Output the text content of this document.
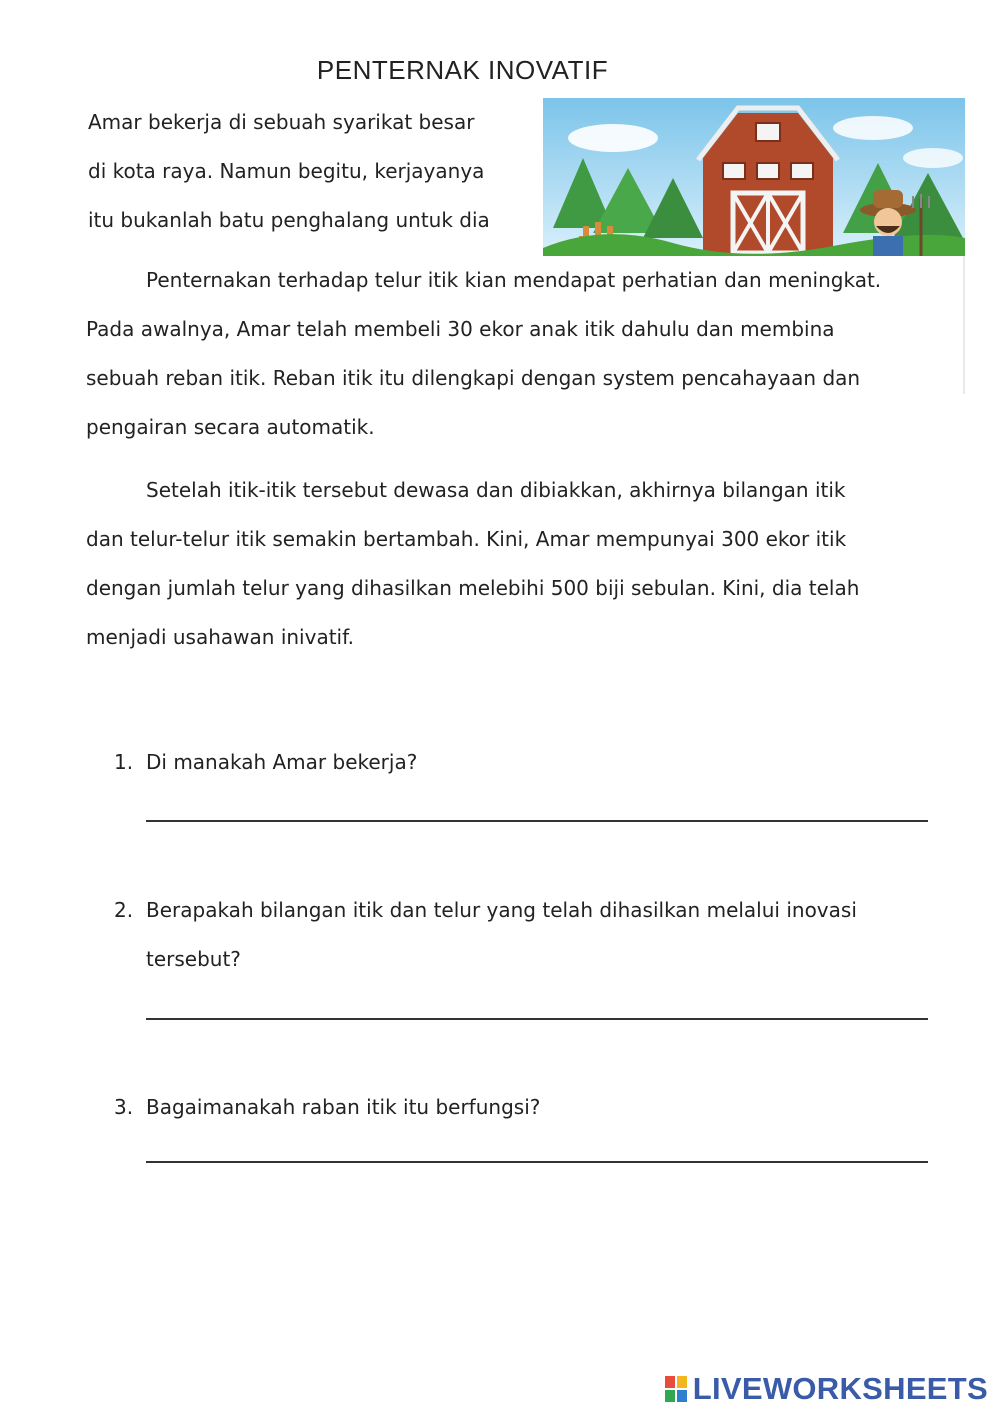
PENTERNAK INOVATIF
Amar bekerja di sebuah syarikat besar
di kota raya. Namun begitu, kerjayanya
itu bukanlah batu penghalang untuk dia
Penternakan terhadap telur itik kian mendapat perhatian dan meningkat.
Pada awalnya, Amar telah membeli 30 ekor anak itik dahulu dan membina
sebuah reban itik. Reban itik itu dilengkapi dengan system pencahayaan dan
pengairan secara automatik.
Setelah itik-itik tersebut dewasa dan dibiakkan, akhirnya bilangan itik
dan telur-telur itik semakin bertambah. Kini, Amar mempunyai 300 ekor itik
dengan jumlah telur yang dihasilkan melebihi 500 biji sebulan. Kini, dia telah
menjadi usahawan inivatif.
1. Di manakah Amar bekerja?
2. Berapakah bilangan itik dan telur yang telah dihasilkan melalui inovasi
tersebut?
3. Bagaimanakah raban itik itu berfungsi?
LIVEWORKSHEETS
